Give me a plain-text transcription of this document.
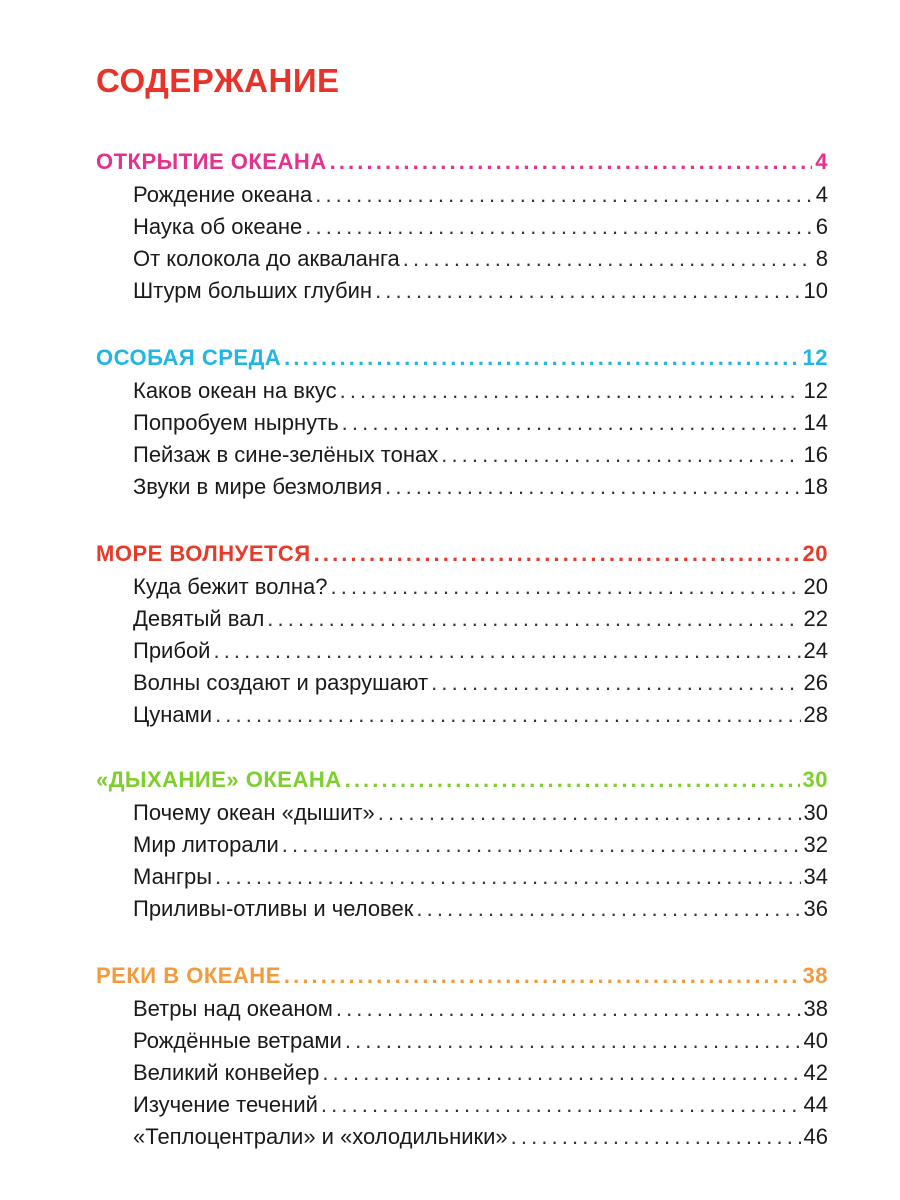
СОДЕРЖАНИЕ
ОТКРЫТИЕ ОКЕАНА . . .	4
Рождение океана . . .	4
Наука об океане . . .	6
От колокола до акваланга . . .	8
Штурм больших глубин . . .	10
ОСОБАЯ СРЕДА . . .	12
Каков океан на вкус . . .	12
Попробуем нырнуть . . .	14
Пейзаж в сине-зелёных тонах . . .	16
Звуки в мире безмолвия . . .	18
МОРЕ ВОЛНУЕТСЯ . . .	20
Куда бежит волна? . . .	20
Девятый вал . . .	22
Прибой . . .	24
Волны создают и разрушают . . .	26
Цунами . . .	28
«ДЫХАНИЕ» ОКЕАНА . . .	30
Почему океан «дышит» . . .	30
Мир литорали . . .	32
Мангры . . .	34
Приливы-отливы и человек . . .	36
РЕКИ В ОКЕАНЕ . . .	38
Ветры над океаном . . .	38
Рождённые ветрами . . .	40
Великий конвейер . . .	42
Изучение течений . . .	44
«Теплоцентрали» и «холодильники» . . .	46
